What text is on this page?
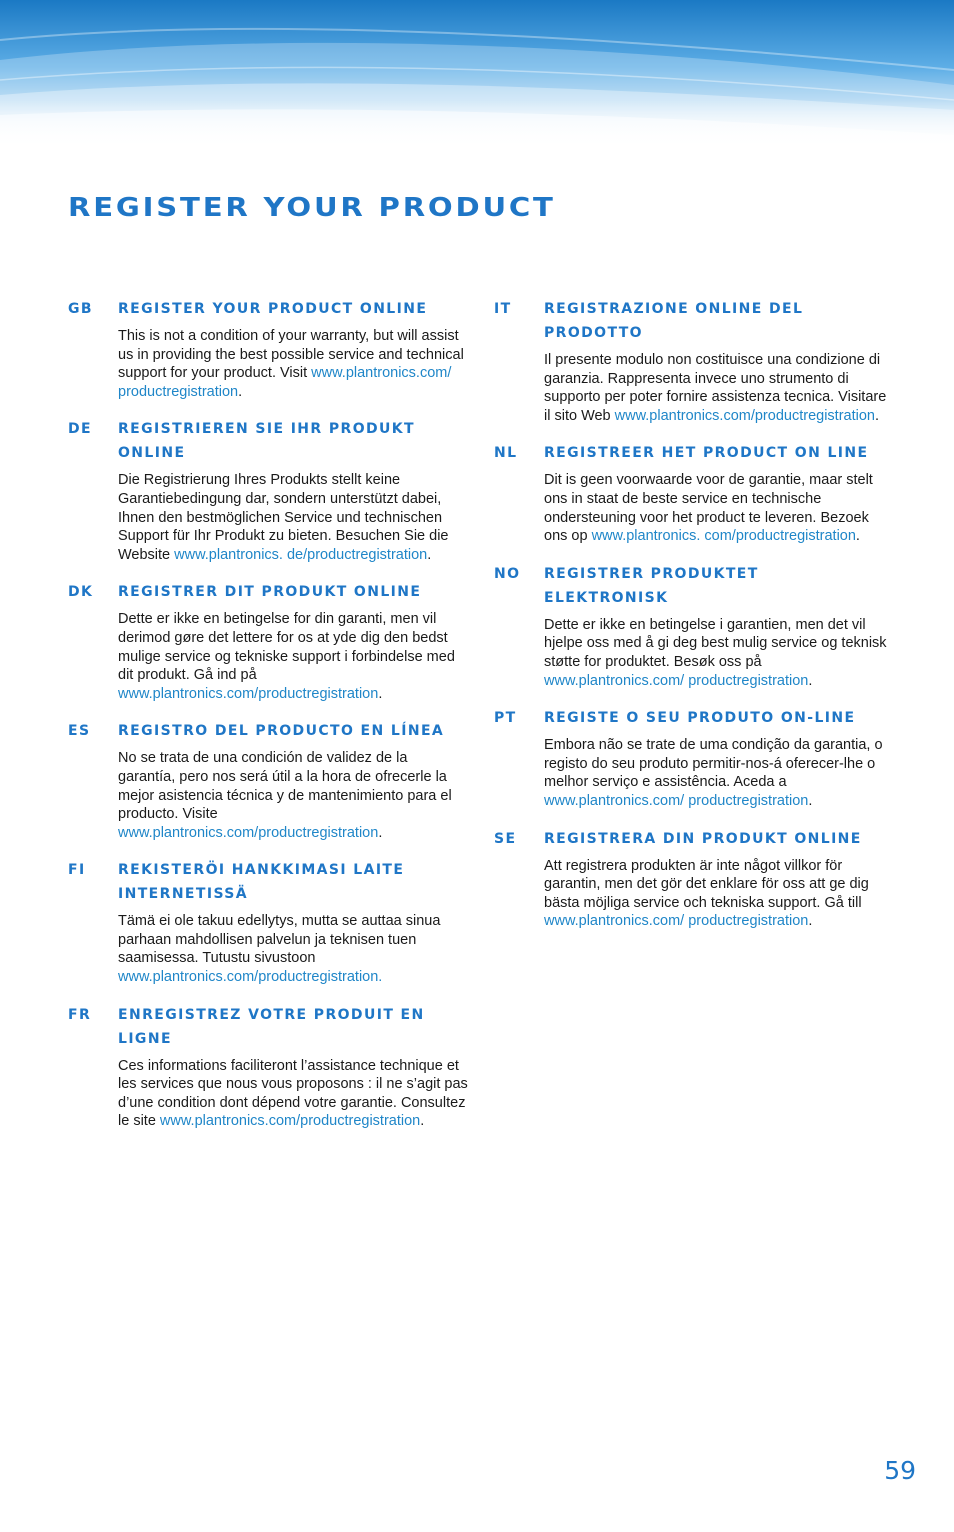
REGISTER YOUR PRODUCT
GB	REGISTER YOUR PRODUCT ONLINE
This is not a condition of your warranty, but will assist us in providing the best possible service and technical support for your product. Visit www.plantronics.com/ productregistration.
DE	REGISTRIEREN SIE IHR PRODUKT ONLINE
Die Registrierung Ihres Produkts stellt keine Garantiebedingung dar, sondern unterstützt dabei, Ihnen den bestmöglichen Service und technischen Support für Ihr Produkt zu bieten. Besuchen Sie die Website www.plantronics. de/productregistration.
DK	REGISTRER DIT PRODUKT ONLINE
Dette er ikke en betingelse for din garanti, men vil derimod gøre det lettere for os at yde dig den bedst mulige service og tekniske support i forbindelse med dit produkt. Gå ind på www.plantronics.com/productregistration.
ES	REGISTRO DEL PRODUCTO EN LÍNEA
No se trata de una condición de validez de la garantía, pero nos será útil a la hora de ofrecerle la mejor asistencia técnica y de mantenimiento para el producto. Visite www.plantronics.com/productregistration.
FI	REKISTERÖI HANKKIMASI LAITE INTERNETISSÄ
Tämä ei ole takuu edellytys, mutta se auttaa sinua parhaan mahdollisen palvelun ja teknisen tuen saamisessa. Tutustu sivustoon www.plantronics.com/productregistration.
FR	ENREGISTREZ VOTRE PRODUIT EN LIGNE
Ces informations faciliteront l’assistance technique et les services que nous vous proposons : il ne s’agit pas d’une condition dont dépend votre garantie. Consultez le site www.plantronics.com/productregistration.
IT	REGISTRAZIONE ONLINE DEL PRODOTTO
Il presente modulo non costituisce una condizione di garanzia. Rappresenta invece uno strumento di supporto per poter fornire assistenza tecnica. Visitare il sito Web www.plantronics.com/productregistration.
NL	REGISTREER HET PRODUCT ON LINE
Dit is geen voorwaarde voor de garantie, maar stelt ons in staat de beste service en technische ondersteuning voor het product te leveren. Bezoek ons op www.plantronics. com/productregistration.
NO	REGISTRER PRODUKTET ELEKTRONISK
Dette er ikke en betingelse i garantien, men det vil hjelpe oss med å gi deg best mulig service og teknisk støtte for produktet. Besøk oss på www.plantronics.com/ productregistration.
PT	REGISTE O SEU PRODUTO ON-LINE
Embora não se trate de uma condição da garantia, o registo do seu produto permitir-nos-á oferecer-lhe o melhor serviço e assistência. Aceda a www.plantronics.com/ productregistration.
SE	REGISTRERA DIN PRODUKT ONLINE
Att registrera produkten är inte något villkor för garantin, men det gör det enklare för oss att ge dig bästa möjliga service och tekniska support. Gå till www.plantronics.com/ productregistration.
59
